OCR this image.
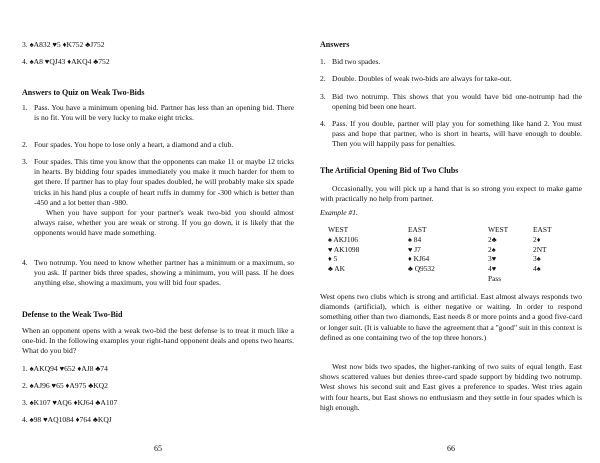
3. ♠A832 ♥5 ♦K752 ♣J752

4. ♠A8 ♥QJ43 ♦AKQ4 ♣752

Answers to Quiz on Weak Two-Bids

1. Pass. You have a minimum opening bid. Partner has less than an opening bid. There is no fit. You will be very lucky to make eight tricks.
2. Four spades. You hope to lose only a heart, a diamond and a club.
3. Four spades. This time you know that the opponents can make 11 or maybe 12 tricks in hearts. By bidding four spades immediately you make it much harder for them to get there. If partner has to play four spades doubled, he will probably make six spade tricks in his hand plus a couple of heart ruffs in dummy for -300 which is better than -450 and a lot better than -980.
When you have support for your partner's weak two-bid you should almost always raise, whether you are weak or strong. If you go down, it is likely that the opponents would have made something.
4. Two notrump. You need to know whether partner has a minimum or a maximum, so you ask. If partner bids three spades, showing a minimum, you will pass. If he does anything else, showing a maximum, you will bid four spades.

Defense to the Weak Two-Bid

When an opponent opens with a weak two-bid the best defense is to treat it much like a one-bid. In the following examples your right-hand opponent deals and opens two hearts. What do you bid?

1. ♠AKQ94 ♥652 ♦AJ8 ♣74

2. ♠AJ96 ♥65 ♦A975 ♣KQ2

3. ♠K107 ♥AQ6 ♦KJ64 ♣A107

4. ♠98 ♥AQ1084 ♦764 ♣KQJ

65

Answers

1. Bid two spades.
2. Double. Doubles of weak two-bids are always for take-out.
3. Bid two notrump. This shows that you would have bid one-notrump had the opening bid been one heart.
4. Pass. If you double, partner will play you for something like hand 2. You must pass and hope that partner, who is short in hearts, will have enough to double. Then you will happily pass for penalties.

The Artificial Opening Bid of Two Clubs

Occasionally, you will pick up a hand that is so strong you expect to make game with practically no help from partner.

Example #1.

WEST
♠ AKJ106
♥ AK1098
♦ 5
♣ AK
EAST
♠ 84
♥ J7
♦ KJ64
♣ Q9532
WEST
2♣
2♠
3♥
4♥
Pass
EAST
2♦
2NT
3♠
4♠

West opens two clubs which is strong and artificial. East almost always responds two diamonds (artificial), which is either negative or waiting. In order to respond something other than two diamonds, East needs 8 or more points and a good five-card or longer suit. (It is valuable to have the agreement that a "good" suit in this context is defined as one containing two of the top three honors.)

West now bids two spades, the higher-ranking of two suits of equal length. East shows scattered values but denies three-card spade support by bidding two notrump. West shows his second suit and East gives a preference to spades. West tries again with four hearts, but East shows no enthusiasm and they settle in four spades which is high enough.

66
